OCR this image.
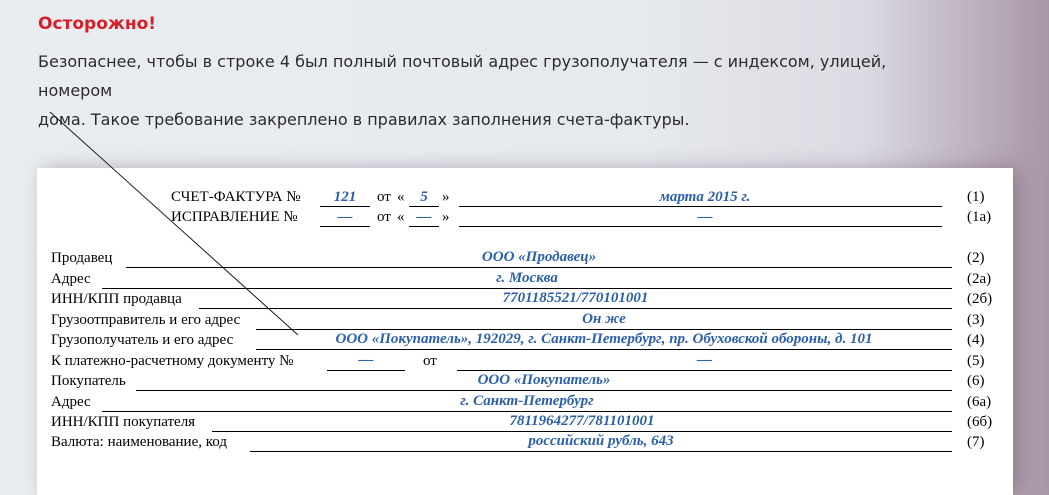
Осторожно!
Безопаснее, чтобы в строке 4 был полный почтовый адрес грузополучателя — с индексом, улицей, номером
дома. Такое требование закреплено в правилах заполнения счета-фактуры.
СЧЕТ-ФАКТУРА №	121	от «	5 »	марта 2015 г.	(1)
ИСПРАВЛЕНИЕ №	—	от « — »	—	(1а)
Продавец	ООО «Продавец»	(2)
Адрес	г. Москва	(2а)
ИНН/КПП продавца	7701185521/770101001	(2б)
Грузоотправитель и его адрес	Он же	(3)
Грузополучатель и его адрес	ООО «Покупатель», 192029, г. Санкт-Петербург, пр. Обуховской обороны, д. 101	(4)
К платежно-расчетному документу №	—	от	—	(5)
Покупатель	ООО «Покупатель»	(6)
Адрес	г. Санкт-Петербург	(6а)
ИНН/КПП покупателя	7811964277/781101001	(6б)
Валюта: наименование, код	российский рубль, 643	(7)
